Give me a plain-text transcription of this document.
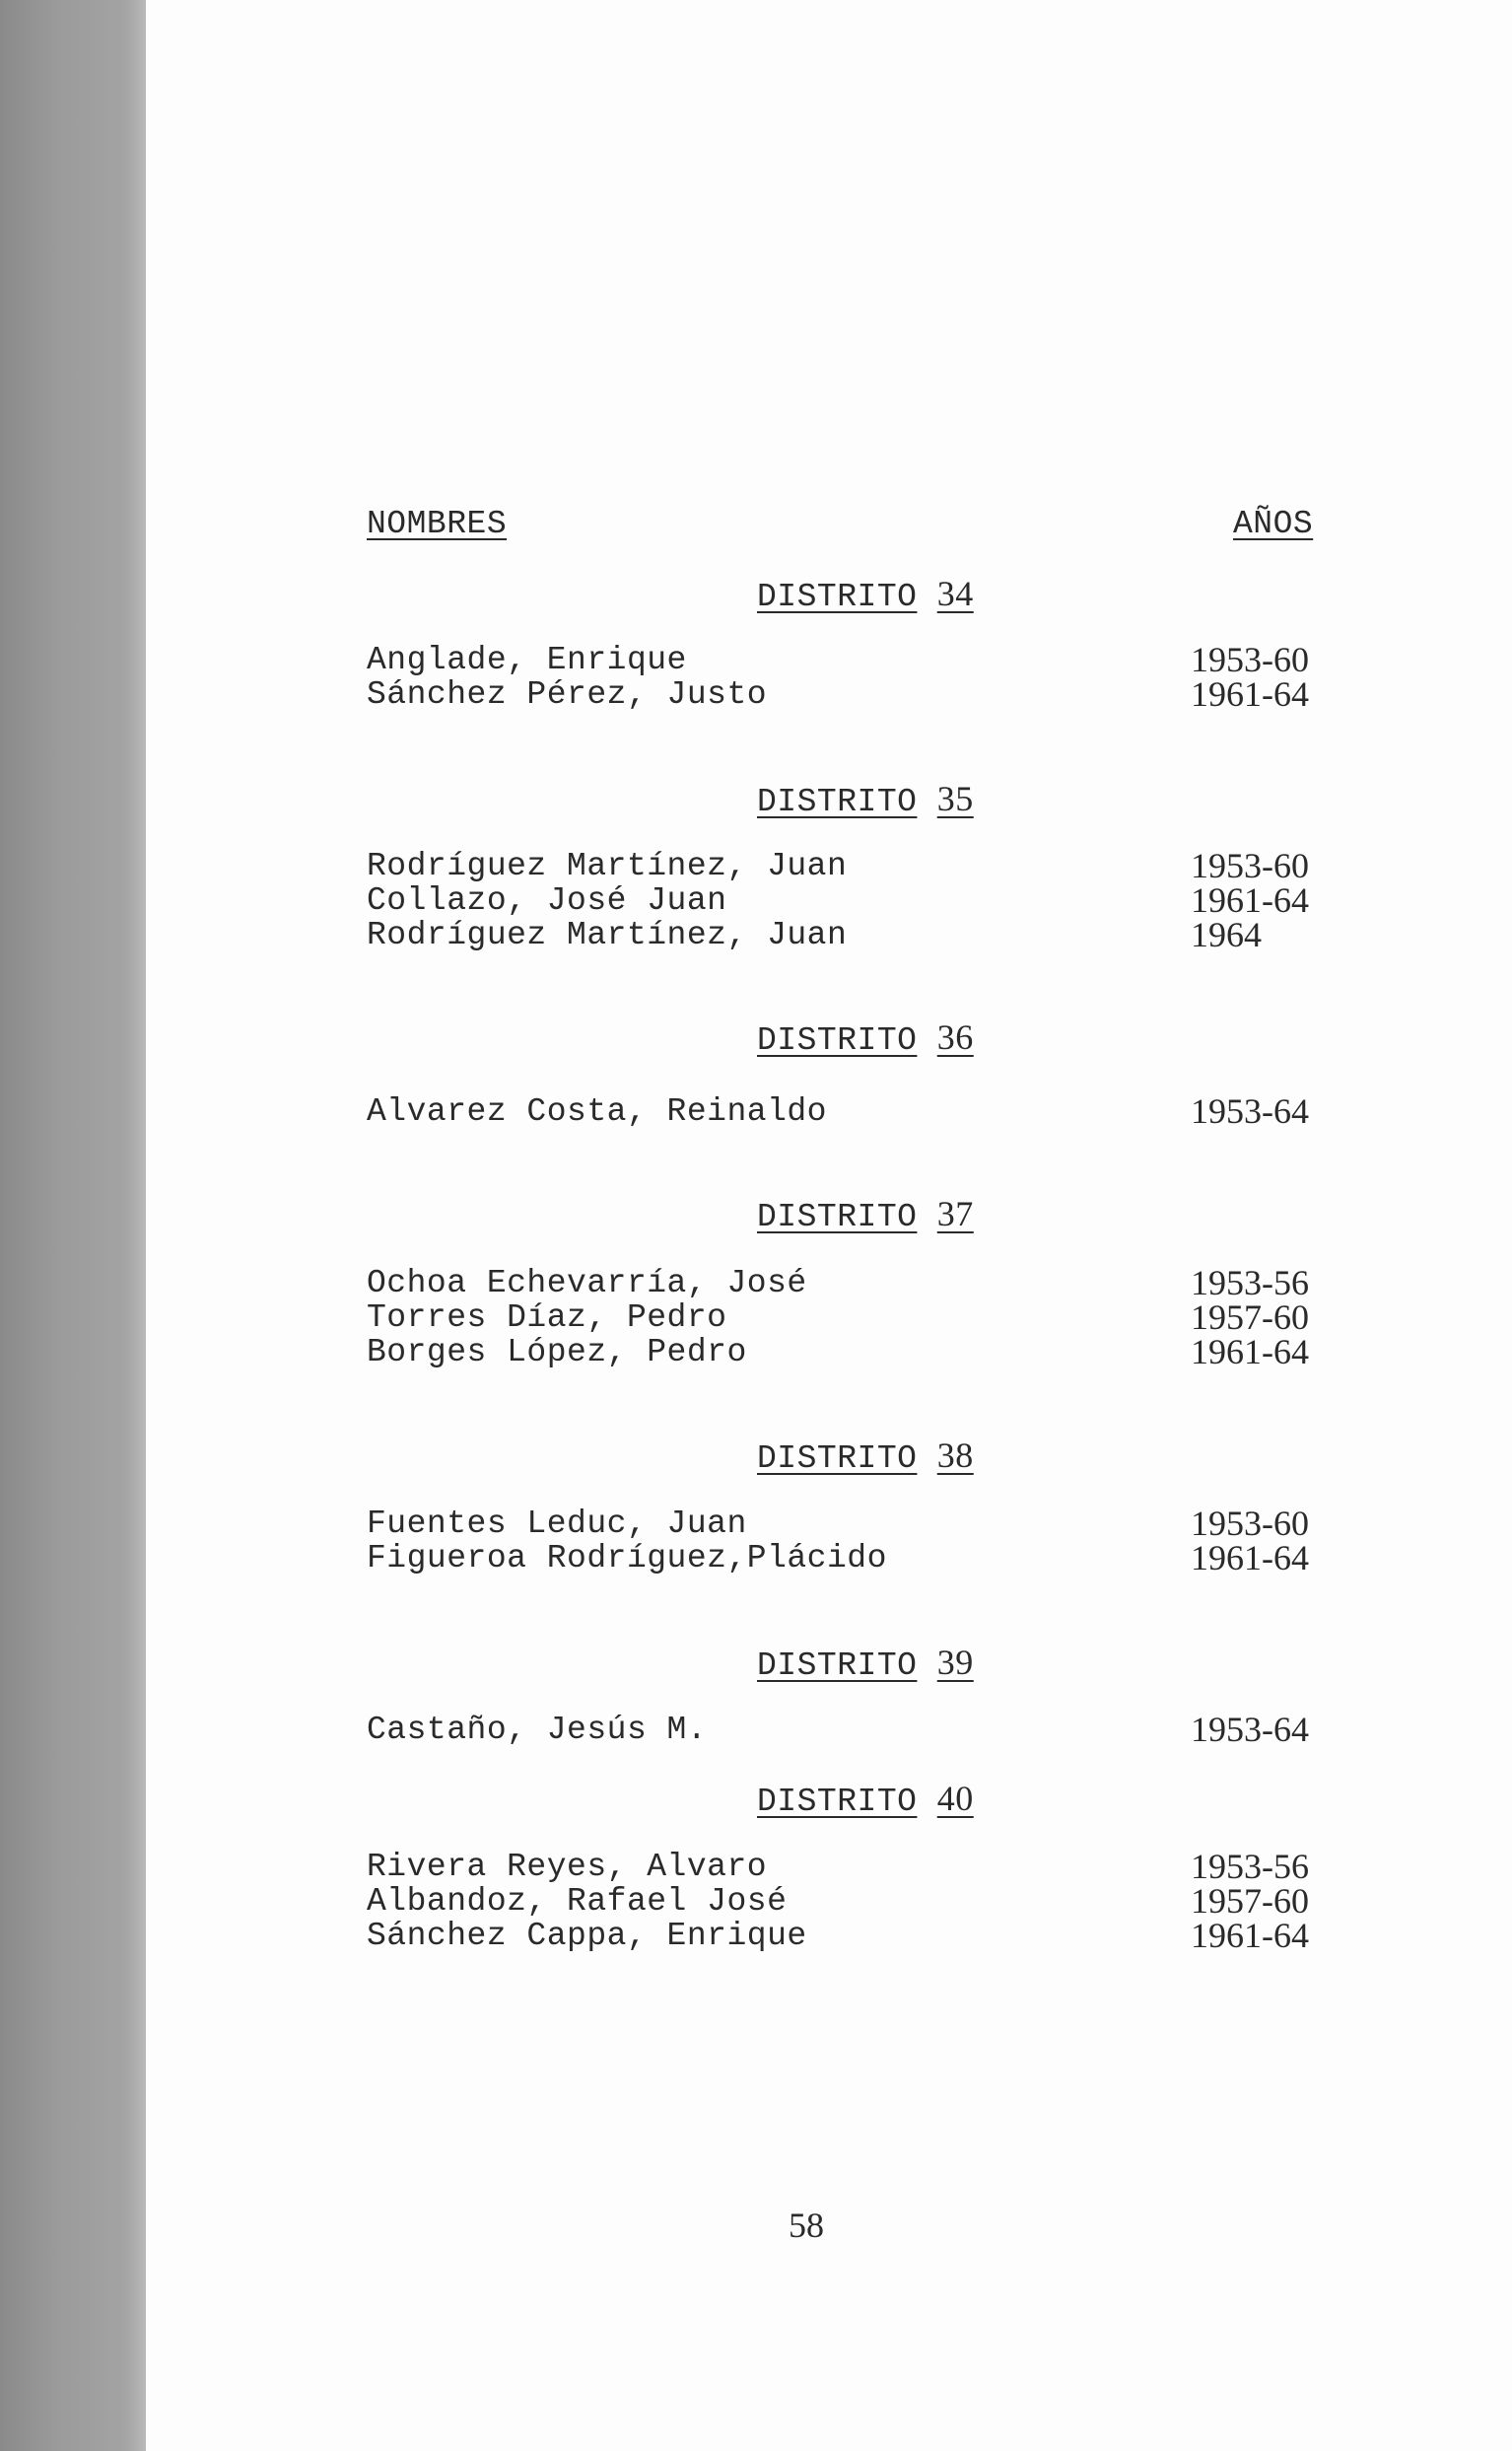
NOMBRES	AÑOS
DISTRITO 34
Anglade, Enrique	1953-60
Sánchez Pérez, Justo	1961-64
DISTRITO 35
Rodríguez Martínez, Juan	1953-60
Collazo, José Juan	1961-64
Rodríguez Martínez, Juan	1964
DISTRITO 36
Alvarez Costa, Reinaldo	1953-64
DISTRITO 37
Ochoa Echevarría, José	1953-56
Torres Díaz, Pedro	1957-60
Borges López, Pedro	1961-64
DISTRITO 38
Fuentes Leduc, Juan	1953-60
Figueroa Rodríguez,Plácido	1961-64
DISTRITO 39
Castaño, Jesús M.	1953-64
DISTRITO 40
Rivera Reyes, Alvaro	1953-56
Albandoz, Rafael José	1957-60
Sánchez Cappa, Enrique	1961-64
58
